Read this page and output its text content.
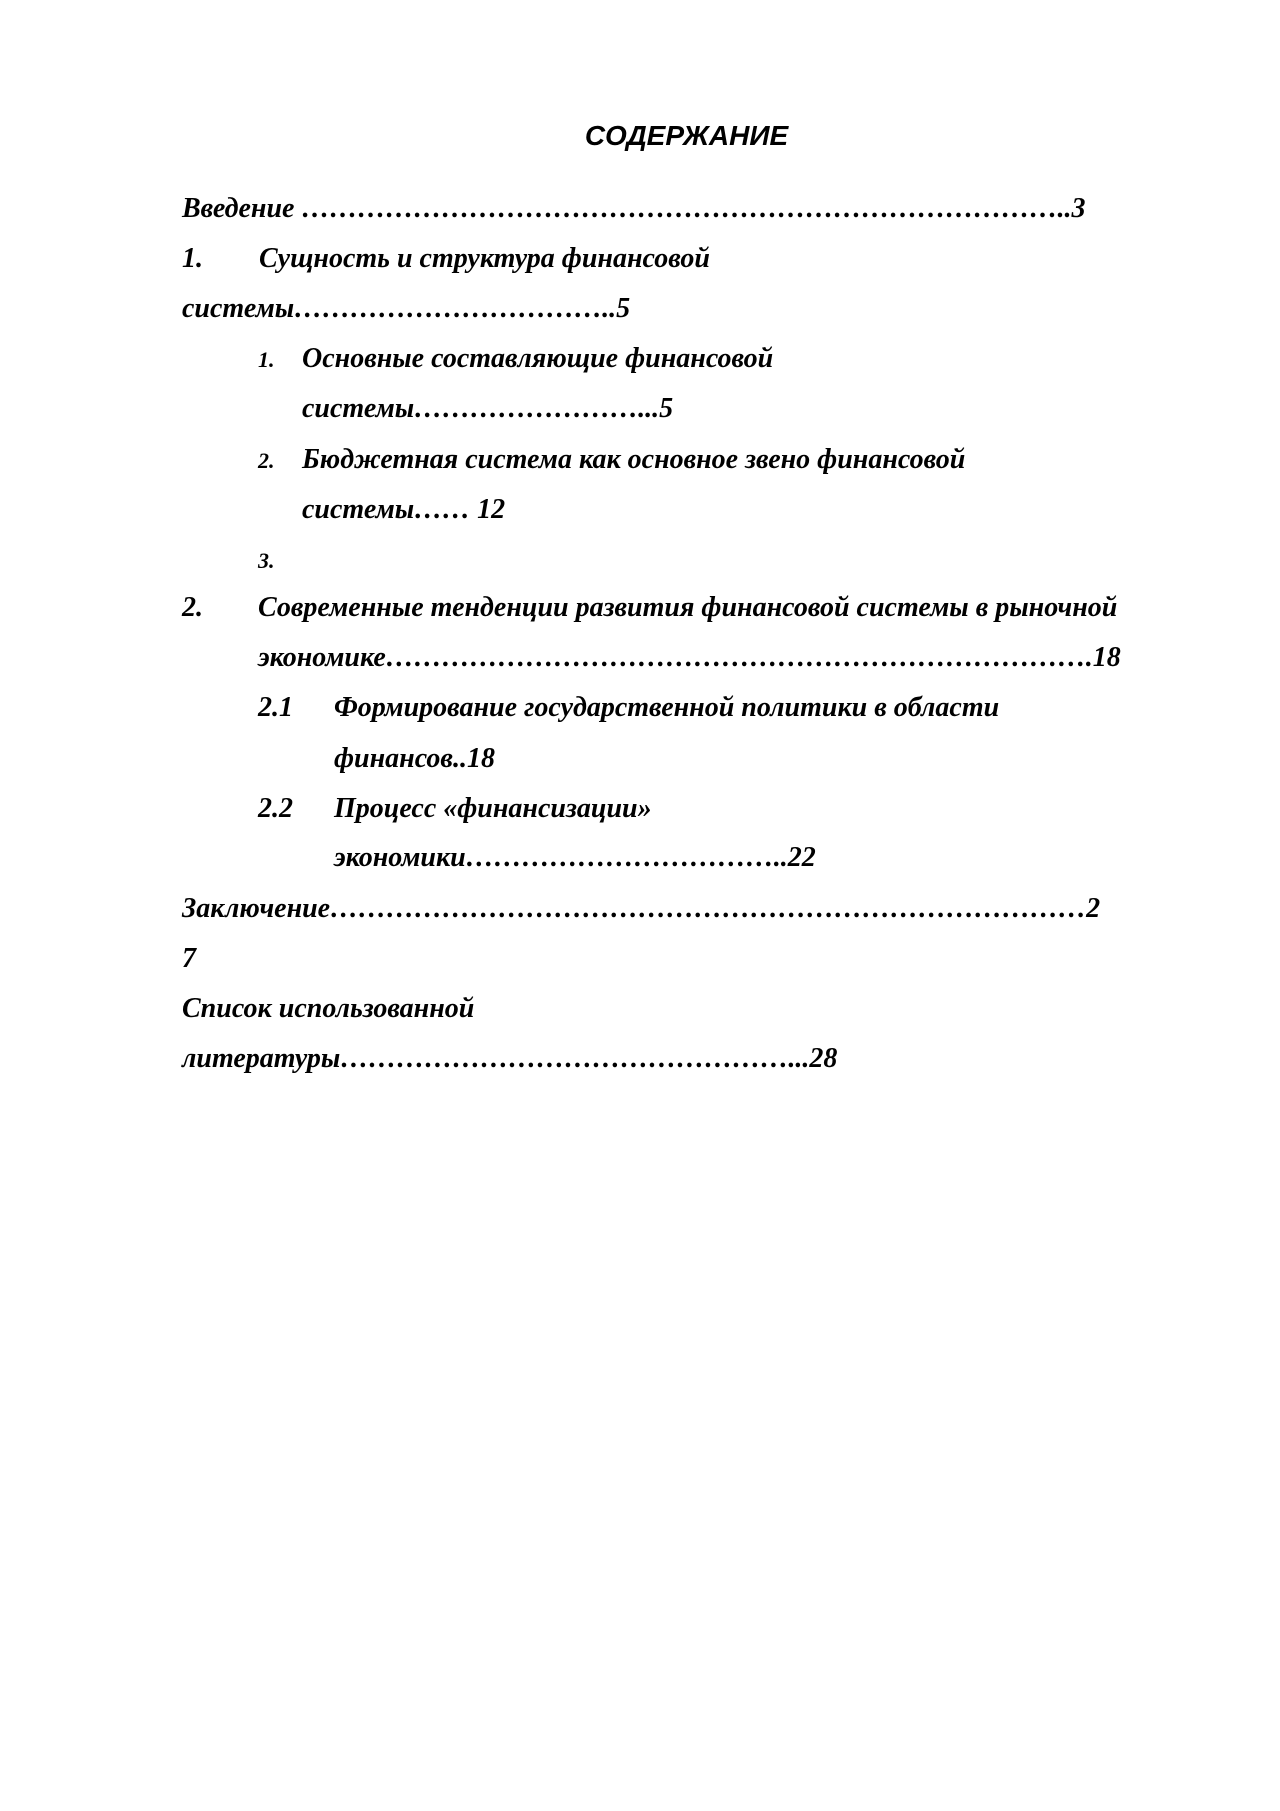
СОДЕРЖАНИЕ
Введение ………………………………………………………………………..3
1. Сущность и структура финансовой
системы……………………………..5
1. Основные составляющие финансовой
системы……………………...5
2. Бюджетная система как основное звено финансовой
системы…… 12
3.
2. Современные тенденции развития финансовой системы в рыночной
экономике………………………………………………………………….18
2.1 Формирование государственной политики в области
финансов..18
2.2 Процесс «финансизации»
экономики……………………………..22
Заключение………………………………………………………………………2
7
Список использованной
литературы…………………………………………...28
